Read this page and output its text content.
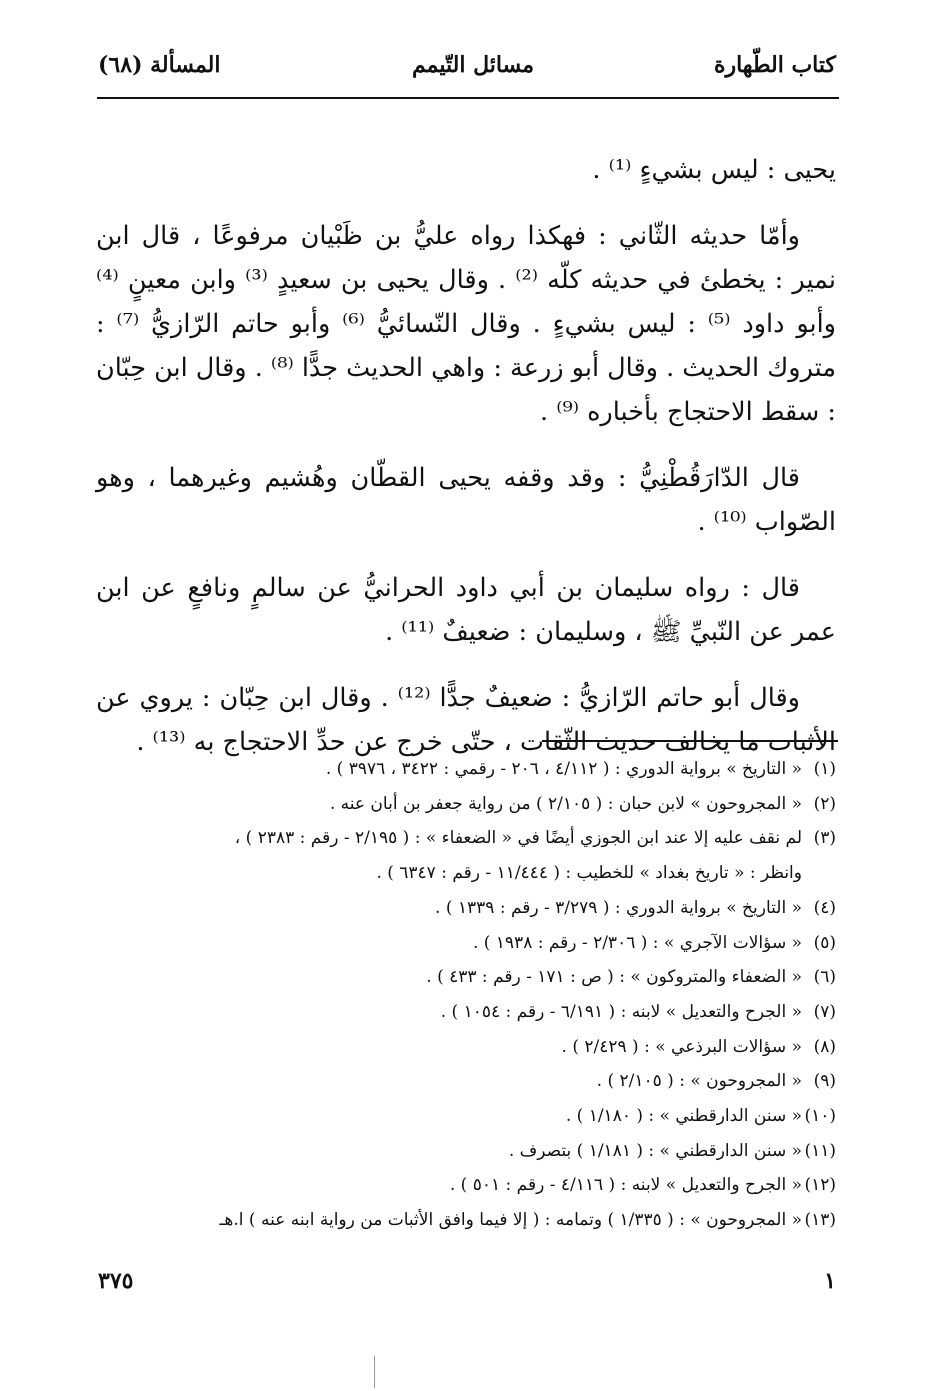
كتاب الطّهارة
مسائل التّيمم
المسألة (٦٨)

يحيى : ليس بشيءٍ ⁽¹⁾ .

وأمّا حديثه الثّاني : فهكذا رواه عليُّ بن ظَبْيان مرفوعًا ، قال ابن نمير : يخطئ في حديثه كلّه ⁽²⁾ . وقال يحيى بن سعيدٍ ⁽³⁾ وابن معينٍ ⁽⁴⁾ وأبو داود ⁽⁵⁾ : ليس بشيءٍ . وقال النّسائيُّ ⁽⁶⁾ وأبو حاتم الرّازيُّ ⁽⁷⁾ : متروك الحديث . وقال أبو زرعة : واهي الحديث جدًّا ⁽⁸⁾ . وقال ابن حِبّان : سقط الاحتجاج بأخباره ⁽⁹⁾ .

قال الدّارَقُطْنِيُّ : وقد وقفه يحيى القطّان وهُشيم وغيرهما ، وهو الصّواب ⁽¹⁰⁾ .

قال : رواه سليمان بن أبي داود الحرانيُّ عن سالمٍ ونافعٍ عن ابن عمر عن النّبيِّ ﷺ ، وسليمان : ضعيفٌ ⁽¹¹⁾ .

وقال أبو حاتم الرّازيُّ : ضعيفٌ جدًّا ⁽¹²⁾ . وقال ابن حِبّان : يروي عن الأثبات ما يخالف حديث الثّقات ، حتّى خرج عن حدِّ الاحتجاج به ⁽¹³⁾ .

(١)
« التاريخ » برواية الدوري : ( ٤/١١٢ ، ٢٠٦ - رقمي : ٣٤٢٢ ، ٣٩٧٦ ) .
(٢)
« المجروحون » لابن حبان : ( ٢/١٠٥ ) من رواية جعفر بن أبان عنه .
(٣)
لم نقف عليه إلا عند ابن الجوزي أيضًا في « الضعفاء » : ( ٢/١٩٥ - رقم : ٢٣٨٣ ) ،
وانظر : « تاريخ بغداد » للخطيب : ( ١١/٤٤٤ - رقم : ٦٣٤٧ ) .
(٤)
« التاريخ » برواية الدوري : ( ٣/٢٧٩ - رقم : ١٣٣٩ ) .
(٥)
« سؤالات الآجري » : ( ٢/٣٠٦ - رقم : ١٩٣٨ ) .
(٦)
« الضعفاء والمتروكون » : ( ص : ١٧١ - رقم : ٤٣٣ ) .
(٧)
« الجرح والتعديل » لابنه : ( ٦/١٩١ - رقم : ١٠٥٤ ) .
(٨)
« سؤالات البرذعي » : ( ٢/٤٢٩ ) .
(٩)
« المجروحون » : ( ٢/١٠٥ ) .
(١٠)
« سنن الدارقطني » : ( ١/١٨٠ ) .
(١١)
« سنن الدارقطني » : ( ١/١٨١ ) بتصرف .
(١٢)
« الجرح والتعديل » لابنه : ( ٤/١١٦ - رقم : ٥٠١ ) .
(١٣)
« المجروحون » : ( ١/٣٣٥ ) وتمامه : ( إلا فيما وافق الأثبات من رواية ابنه عنه ) ا.هـ
٣٧٥	١
